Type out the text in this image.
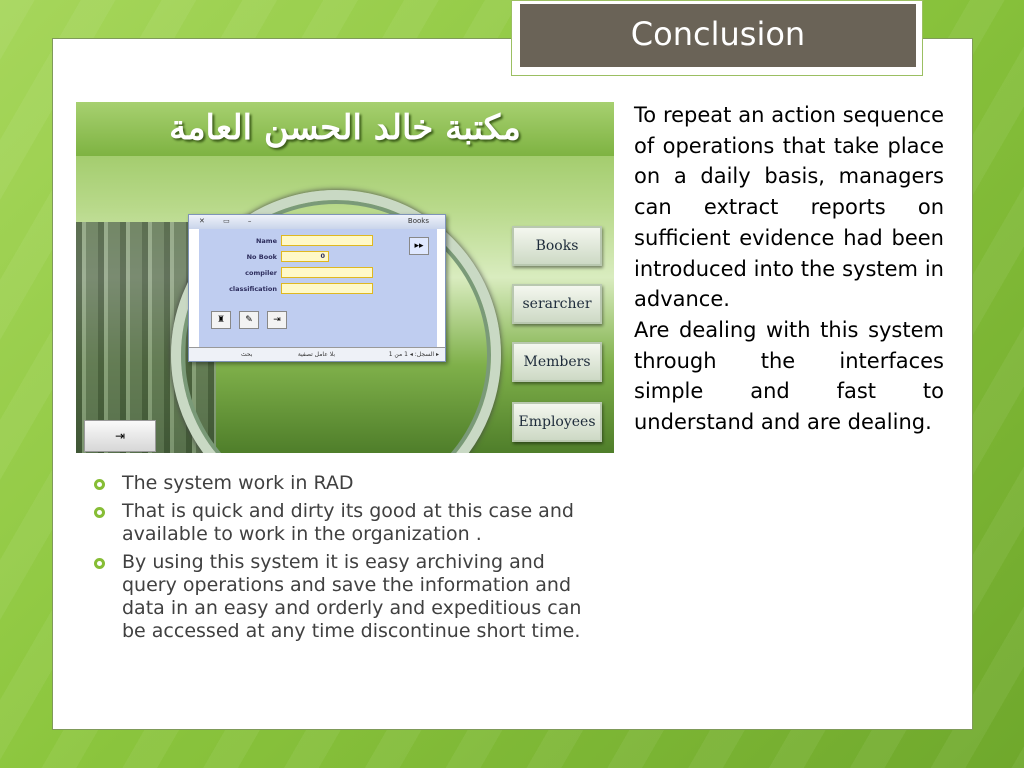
Conclusion
مكتبة خالد الحسن العامة
✕ ▭ –	Books
Name
No Book	0
compiler
classification
▸▸
♜	✎	⇥
السجل: ◂ 1 من 1	▸
بلا عامل تصفية
بحث
Books
serarcher
Members
Employees
⇥
The system work in RAD
That is quick and dirty its good at this case and available to work in the organization .
By using this system it is easy archiving and query operations and save the information and data in an easy and orderly and expeditious can be accessed at any time discontinue short time.

To repeat an action sequence of operations that take place on a daily basis, managers can extract reports on sufficient evidence had been introduced into the system in advance.

Are dealing with this system through the interfaces simple and fast to understand and are dealing.
